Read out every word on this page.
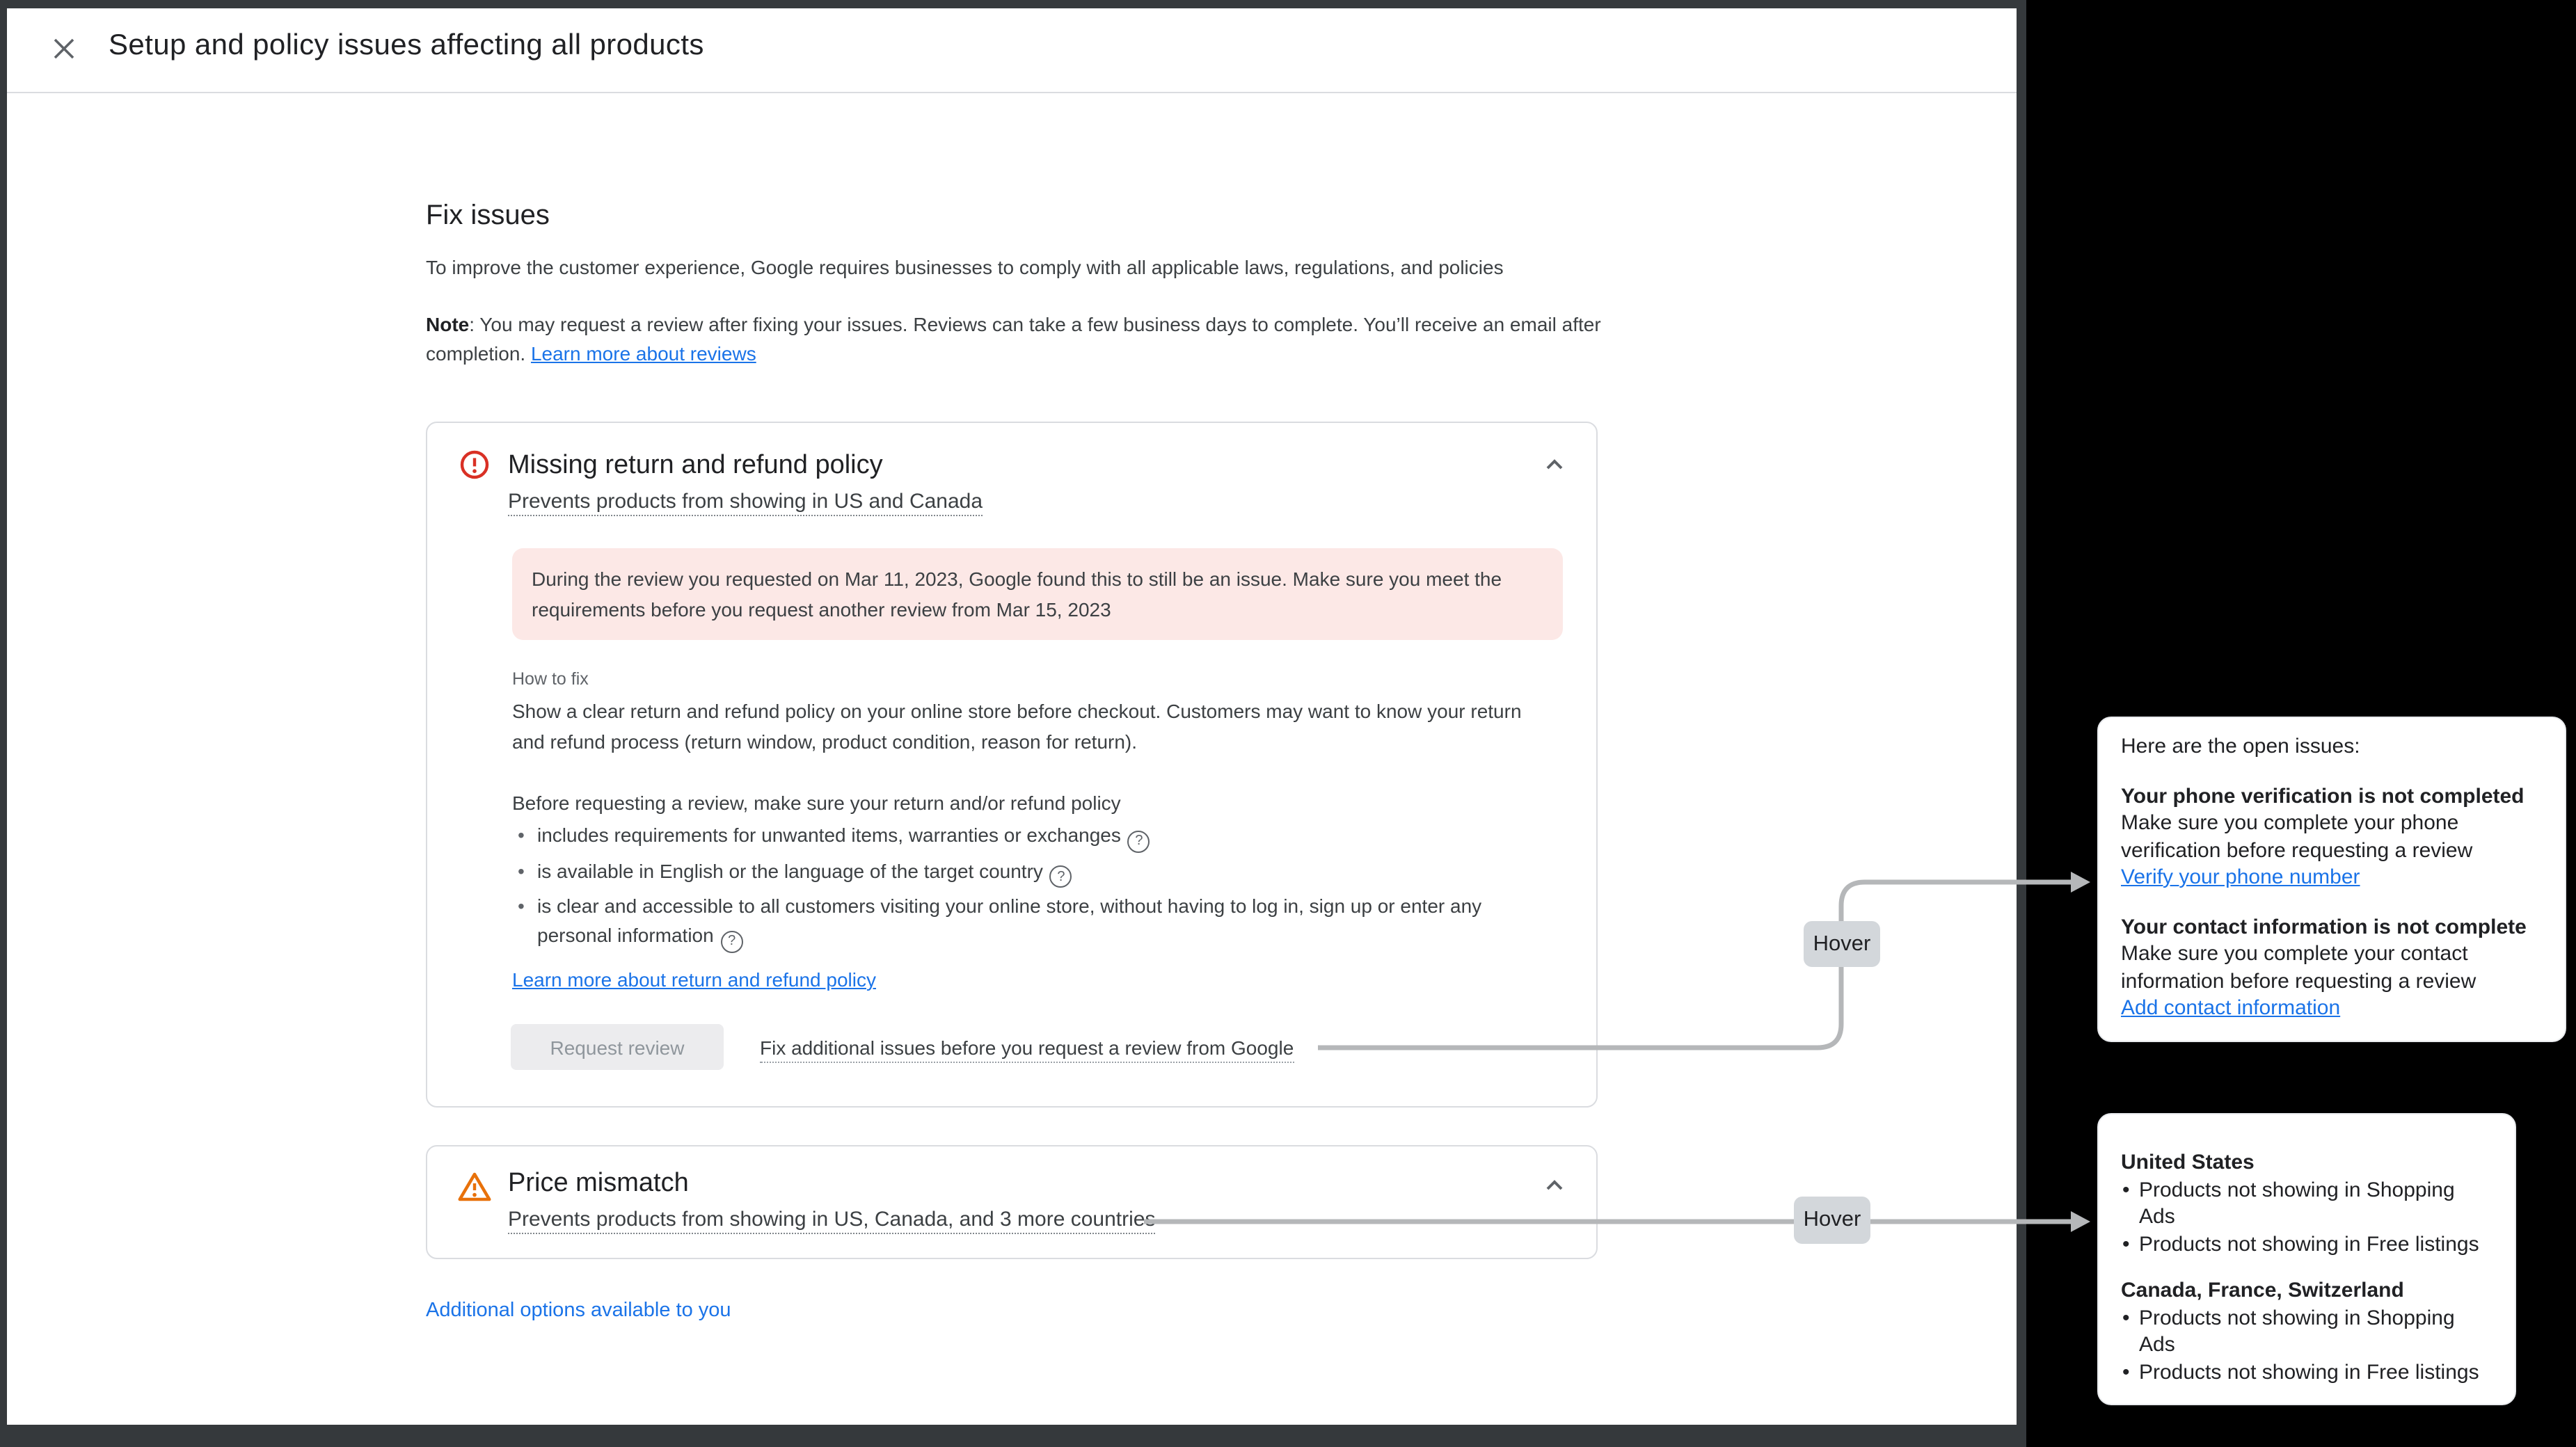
Setup and policy issues affecting all products
Fix issues

To improve the customer experience, Google requires businesses to comply with all applicable laws, regulations, and policies

Note: You may request a review after fixing your issues. Reviews can take a few business days to complete. You’ll receive an email after completion. Learn more about reviews

Missing return and refund policy
Prevents products from showing in US and Canada
During the review you requested on Mar 11, 2023, Google found this to still be an issue. Make sure you meet the requirements before you request another review from Mar 15, 2023
How to fix
Show a clear return and refund policy on your online store before checkout. Customers may want to know your return and refund process (return window, product condition, reason for return).
Before requesting a review, make sure your return and/or refund policy
• includes requirements for unwanted items, warranties or exchanges ?
• is available in English or the language of the target country ?
• is clear and accessible to all customers visiting your online store, without having to log in, sign up or enter any personal information ?
Learn more about return and refund policy
Request review	Fix additional issues before you request a review from Google
Price mismatch
Prevents products from showing in US, Canada, and 3 more countries
Additional options available to you
Hover
Hover
Here are the open issues:
Your phone verification is not completed
Make sure you complete your phone verification before requesting a review
Verify your phone number
Your contact information is not complete
Make sure you complete your contact information before requesting a review
Add contact information
United States
• Products not showing in Shopping Ads
• Products not showing in Free listings
Canada, France, Switzerland
• Products not showing in Shopping Ads
• Products not showing in Free listings
